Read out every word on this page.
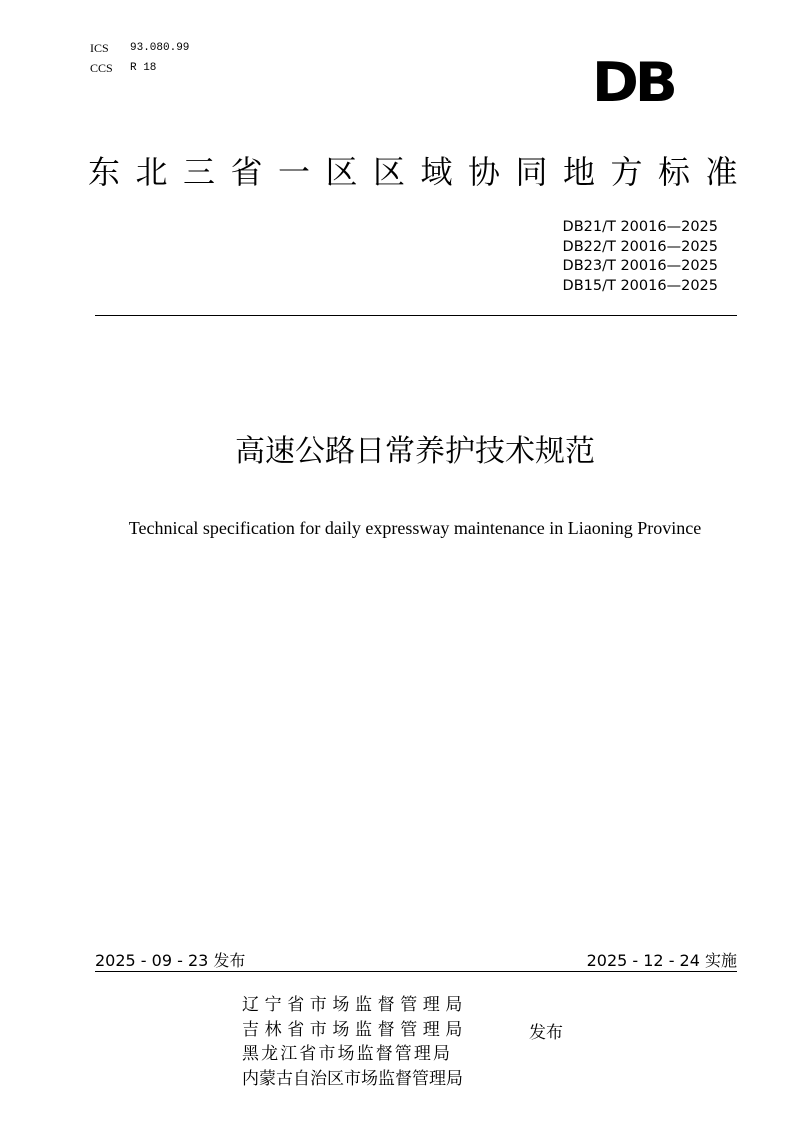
ICS	93.080.99
CCS	R 18	DB
东北三省一区区域协同地方标准
DB21/T 20016—2025
DB22/T 20016—2025
DB23/T 20016—2025
DB15/T 20016—2025
高速公路日常养护技术规范
Technical specification for daily expressway maintenance in Liaoning Province
2025 - 09 - 23 发布	2025 - 12 - 24 实施
辽宁省市场监督管理局
吉林省市场监督管理局
黑龙江省市场监督管理局
内蒙古自治区市场监督管理局
发布
